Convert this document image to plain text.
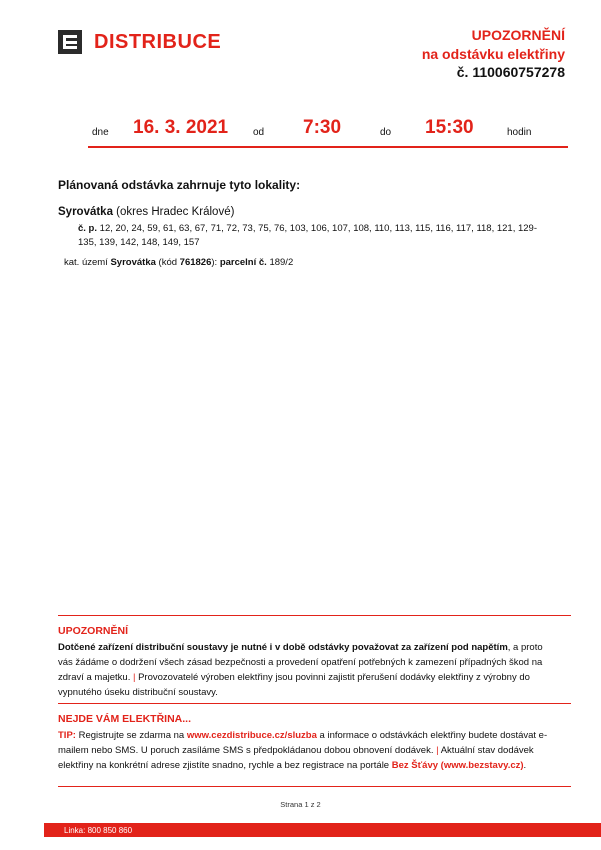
DISTRIBUCE	UPOZORNĚNÍ
na odstávku elektřiny
č. 110060757278
dne 16. 3. 2021 od 7:30	do 15:30	hodin
Plánovaná odstávka zahrnuje tyto lokality:
Syrovátka (okres Hradec Králové)
č. p. 12, 20, 24, 59, 61, 63, 67, 71, 72, 73, 75, 76, 103, 106, 107, 108, 110, 113, 115, 116, 117, 118, 121, 129-135, 139, 142, 148, 149, 157
kat. území Syrovátka (kód 761826): parcelní č. 189/2
UPOZORNĚNÍ
Dotčené zařízení distribuční soustavy je nutné i v době odstávky považovat za zařízení pod napětím, a proto vás žádáme o dodržení všech zásad bezpečnosti a provedení opatření potřebných k zamezení případných škod na zdraví a majetku. | Provozovatelé výroben elektřiny jsou povinni zajistit přerušení dodávky elektřiny z výrobny do vypnutého úseku distribuční soustavy.
NEJDE VÁM ELEKTŘINA...
TIP: Registrujte se zdarma na www.cezdistribuce.cz/sluzba a informace o odstávkách elektřiny budete dostávat e-mailem nebo SMS. U poruch zasíláme SMS s předpokládanou dobou obnovení dodávek. | Aktuální stav dodávek elektřiny na konkrétní adrese zjistíte snadno, rychle a bez registrace na portále Bez Šťávy (www.bezstavy.cz).
Strana 1 z 2
Linka: 800 850 860
